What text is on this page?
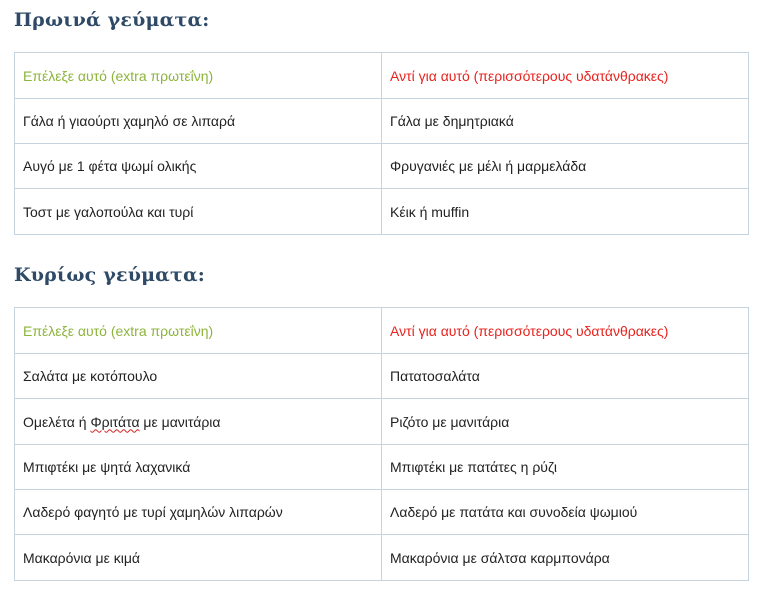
Πρωινά γεύματα:
Επέλεξε αυτό (extra πρωτεΐνη)	Αντί για αυτό (περισσότερους υδατάνθρακες)
Γάλα ή γιαούρτι χαμηλό σε λιπαρά	Γάλα με δημητριακά
Αυγό με 1 φέτα ψωμί ολικής	Φρυγανιές με μέλι ή μαρμελάδα
Τοστ με γαλοπούλα και τυρί	Κέικ ή muffin
Κυρίως γεύματα:
Επέλεξε αυτό (extra πρωτεΐνη)	Αντί για αυτό (περισσότερους υδατάνθρακες)
Σαλάτα με κοτόπουλο	Πατατοσαλάτα
Ομελέτα ή Φριτάτα με μανιτάρια	Ριζότο με μανιτάρια
Μπιφτέκι με ψητά λαχανικά	Μπιφτέκι με πατάτες η ρύζι
Λαδερό φαγητό με τυρί χαμηλών λιπαρών	Λαδερό με πατάτα και συνοδεία ψωμιού
Μακαρόνια με κιμά	Μακαρόνια με σάλτσα καρμπονάρα
